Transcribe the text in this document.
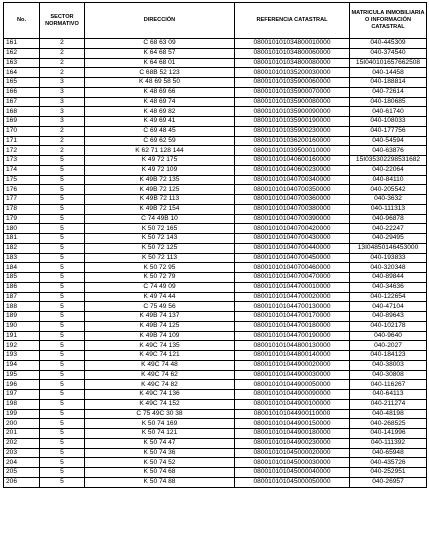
No.	SECTOR NORMATIVO	DIRECCIÓN	REFERENCIA CATASTRAL	MATRICULA INMOBILIARIA O INFORMACIÓN CATASTRAL
161	2	C 68 63 09	080010101034800010000	040-445309
162	2	K 64 68 57	080010101034800060000	040-374540
163	2	K 64 68 01	080010101034800080000	15I040101657662508
164	2	C 68B 52 123	080010101035200030000	040-14458
165	3	K 48 69 58 50	080010101035900060000	040-188814
166	3	K 48 69 66	080010101035900070000	040-72614
167	3	K 48 69 74	080010101035900080000	040-180685
168	3	K 48 69 82	080010101035900090000	040-61740
169	3	K 49 69 41	080010101035900190000	040-108033
170	2	C 69 48 45	080010101035900230000	040-177756
171	2	C 69 62 59	080010101036200160000	040-54594
172	2	K 62 71 128 144	080010101039500010000	040-63876
173	5	K 49 72 175	080010101040600160000	15I035302298531682
174	5	K 49 72 109	080010101040600230000	040-22064
175	5	K 49B 72 135	080010101040700340000	040-84110
176	5	K 49B 72 125	080010101040700350000	040-205542
177	5	K 49B 72 113	080010101040700360000	040-3632
178	5	K 49B 72 154	080010101040700380000	040-111313
179	5	C 74 49B 10	080010101040700390000	040-96878
180	5	K 50 72 165	080010101040700420000	040-22247
181	5	K 50 72 143	080010101040700430000	040-29495
182	5	K 50 72 125	080010101040700440000	13I04850146453000
183	5	K 50 72 113	080010101040700450000	040-193833
184	5	K 50 72 95	080010101040700460000	040-320348
185	5	K 50 72 79	080010101040700470000	040-89844
186	5	C 74 49 09	080010101044700010000	040-34636
187	5	K 49 74 44	080010101044700020000	040-122654
188	5	C 75 49 56	080010101044700130000	040-47104
189	5	K 49B 74 137	080010101044700170000	040-89643
190	5	K 49B 74 125	080010101044700180000	040-102178
191	5	K 49B 74 109	080010101044700190000	040-9640
192	5	K 49C 74 135	080010101044800130000	040-2027
193	5	K 49C 74 121	080010101044800140000	040-184123
194	5	K 49C 74 48	080010101044900020000	040-38003
195	5	K 49C 74 62	080010101044900030000	040-30808
196	5	K 49C 74 82	080010101044900050000	040-116267
197	5	K 49C 74 136	080010101044900090000	040-64113
198	5	K 49C 74 152	080010101044900100000	040-211274
199	5	C 75 49C 30 38	080010101044900110000	040-48198
200	5	K 50 74 169	080010101044900150000	040-268525
201	5	K 50 74 121	080010101044900180000	040-141996
202	5	K 50 74 47	080010101044900230000	040-111392
203	5	K 50 74 36	080010101045000020000	040-65948
204	5	K 50 74 52	080010101045000030000	040-435726
205	5	K 50 74 68	080010101045000040000	040-252951
206	5	K 50 74 88	080010101045000050000	040-26957
